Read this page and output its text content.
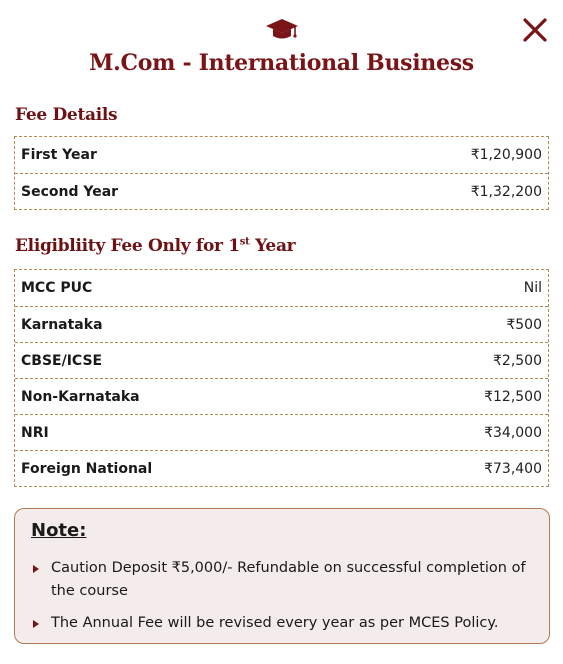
M.Com - International Business
Fee Details
First Year	₹1,20,900
Second Year	₹1,32,200
Eligibliity Fee Only for 1st Year
MCC PUC	Nil
Karnataka	₹500
CBSE/ICSE	₹2,500
Non-Karnataka	₹12,500
NRI	₹34,000
Foreign National	₹73,400
Note:
Caution Deposit ₹5,000/- Refundable on successful completion of the course
The Annual Fee will be revised every year as per MCES Policy.
